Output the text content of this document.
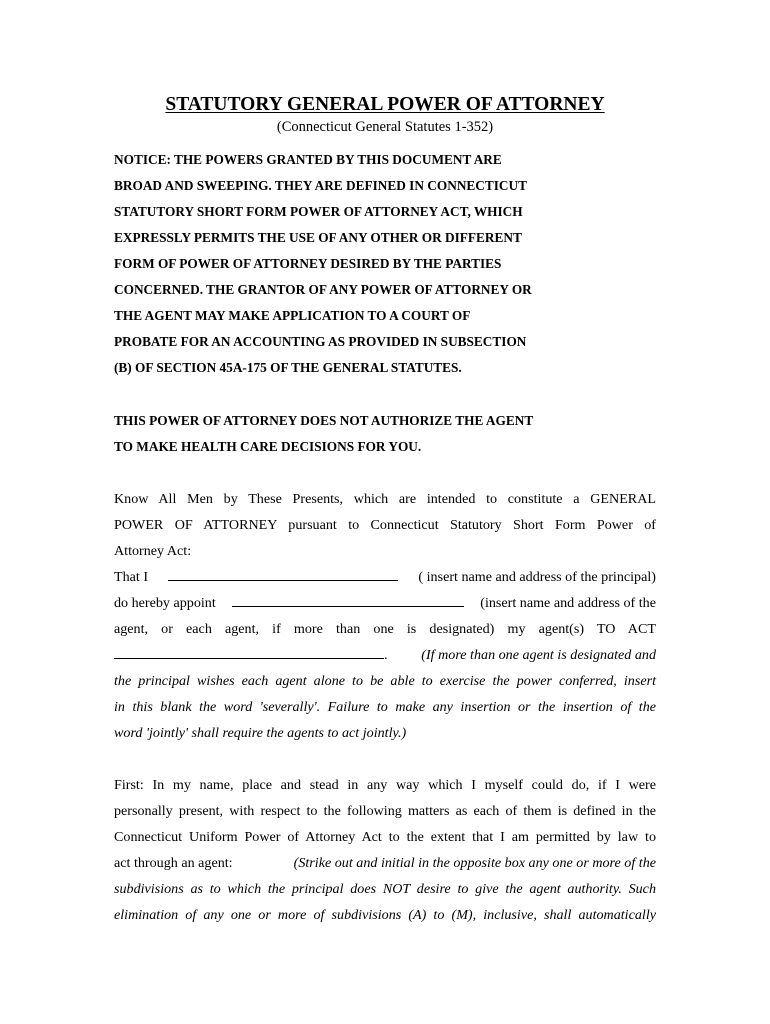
STATUTORY GENERAL POWER OF ATTORNEY
(Connecticut General Statutes 1-352)

NOTICE: THE POWERS GRANTED BY THIS DOCUMENT ARE

BROAD AND SWEEPING. THEY ARE DEFINED IN CONNECTICUT

STATUTORY SHORT FORM POWER OF ATTORNEY ACT, WHICH

EXPRESSLY PERMITS THE USE OF ANY OTHER OR DIFFERENT

FORM OF POWER OF ATTORNEY DESIRED BY THE PARTIES

CONCERNED. THE GRANTOR OF ANY POWER OF ATTORNEY OR

THE AGENT MAY MAKE APPLICATION TO A COURT OF

PROBATE FOR AN ACCOUNTING AS PROVIDED IN SUBSECTION

(B) OF SECTION 45A-175 OF THE GENERAL STATUTES.

THIS POWER OF ATTORNEY DOES NOT AUTHORIZE THE AGENT

TO MAKE HEALTH CARE DECISIONS FOR YOU.

Know All Men by These Presents, which are intended to constitute a GENERAL

POWER OF ATTORNEY pursuant to Connecticut Statutory Short Form Power of

Attorney Act:

That I	( insert name and address of the principal)

do hereby appoint	(insert name and address of the

agent, or each agent, if more than one is designated) my agent(s) TO ACT

. (If more than one agent is designated and

the principal wishes each agent alone to be able to exercise the power conferred, insert

in this blank the word 'severally'. Failure to make any insertion or the insertion of the

word 'jointly' shall require the agents to act jointly.)

First: In my name, place and stead in any way which I myself could do, if I were

personally present, with respect to the following matters as each of them is defined in the

Connecticut Uniform Power of Attorney Act to the extent that I am permitted by law to

act through an agent:	(Strike out and initial in the opposite box any one or more of the

subdivisions as to which the principal does NOT desire to give the agent authority. Such

elimination of any one or more of subdivisions (A) to (M), inclusive, shall automatically
